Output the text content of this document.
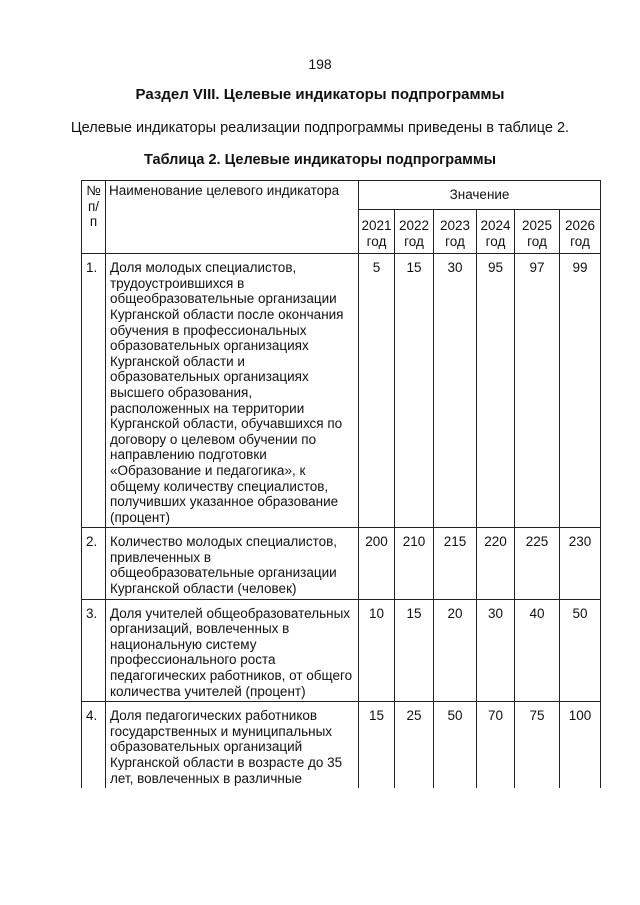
198
Раздел VIII. Целевые индикаторы подпрограммы
Целевые индикаторы реализации подпрограммы приведены в таблице 2.
Таблица 2. Целевые индикаторы подпрограммы
№ п/п	Наименование целевого индикатора	Значение					
		2021 год	2022 год	2023 год	2024 год	2025 год	2026 год
1.	Доля молодых специалистов, трудоустроившихся в общеобразовательные организации Курганской области после окончания обучения в профессиональных образовательных организациях Курганской области и образовательных организациях высшего образования, расположенных на территории Курганской области, обучавшихся по договору о целевом обучении по направлению подготовки «Образование и педагогика», к общему количеству специалистов, получивших указанное образование (процент)	5	15	30	95	97	99
2.	Количество молодых специалистов, привлеченных в общеобразовательные организации Курганской области (человек)	200	210	215	220	225	230
3.	Доля учителей общеобразовательных организаций, вовлеченных в национальную систему профессионального роста педагогических работников, от общего количества учителей (процент)	10	15	20	30	40	50
4.	Доля педагогических работников государственных и муниципальных образовательных организаций Курганской области в возрасте до 35 лет, вовлеченных в различные	15	25	50	70	75	100
